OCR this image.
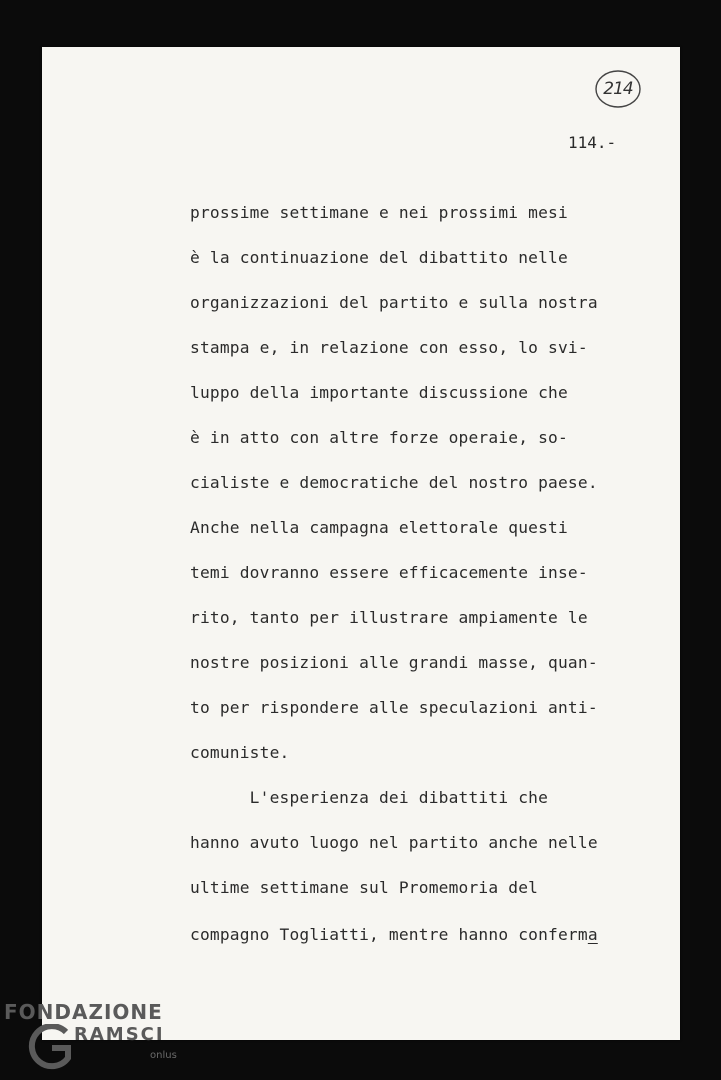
214
114.-
prossime settimane e nei prossimi mesi
è la continuazione del dibattito nelle
organizzazioni del partito e sulla nostra
stampa e, in relazione con esso, lo svi-
luppo della importante discussione che
è in atto con altre forze operaie, so-
cialiste e democratiche del nostro paese.
Anche nella campagna elettorale questi
temi dovranno essere efficacemente inse-
rito, tanto per illustrare ampiamente le
nostre posizioni alle grandi masse, quan-
to per rispondere alle speculazioni anti-
comuniste.
L'esperienza dei dibattiti che
hanno avuto luogo nel partito anche nelle
ultime settimane sul Promemoria del
compagno Togliatti, mentre hanno conferma
FONDAZIONE
RAMSCI
onlus
